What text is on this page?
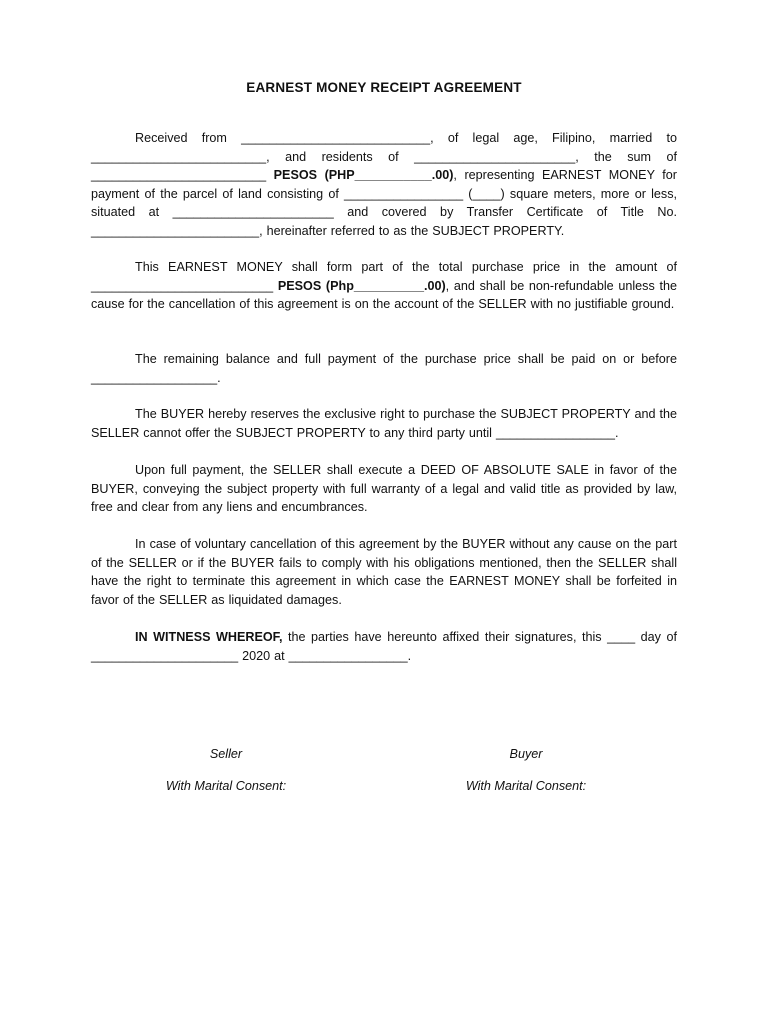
EARNEST MONEY RECEIPT AGREEMENT

Received from ___________________________, of legal age, Filipino, married to _________________________, and residents of _______________________, the sum of _________________________ PESOS (PHP___________.00), representing EARNEST MONEY for payment of the parcel of land consisting of _________________ (____) square meters, more or less, situated at _______________________ and covered by Transfer Certificate of Title No. ________________________, hereinafter referred to as the SUBJECT PROPERTY.

This EARNEST MONEY shall form part of the total purchase price in the amount of __________________________ PESOS (Php__________.00), and shall be non-refundable unless the cause for the cancellation of this agreement is on the account of the SELLER with no justifiable ground.

The remaining balance and full payment of the purchase price shall be paid on or before __________________.

The BUYER hereby reserves the exclusive right to purchase the SUBJECT PROPERTY and the SELLER cannot offer the SUBJECT PROPERTY to any third party until _________________.

Upon full payment, the SELLER shall execute a DEED OF ABSOLUTE SALE in favor of the BUYER, conveying the subject property with full warranty of a legal and valid title as provided by law, free and clear from any liens and encumbrances.

In case of voluntary cancellation of this agreement by the BUYER without any cause on the part of the SELLER or if the BUYER fails to comply with his obligations mentioned, then the SELLER shall have the right to terminate this agreement in which case the EARNEST MONEY shall be forfeited in favor of the SELLER as liquidated damages.

IN WITNESS WHEREOF, the parties have hereunto affixed their signatures, this ____ day of _____________________ 2020 at _________________.

Seller	Buyer
With Marital Consent:	With Marital Consent:
